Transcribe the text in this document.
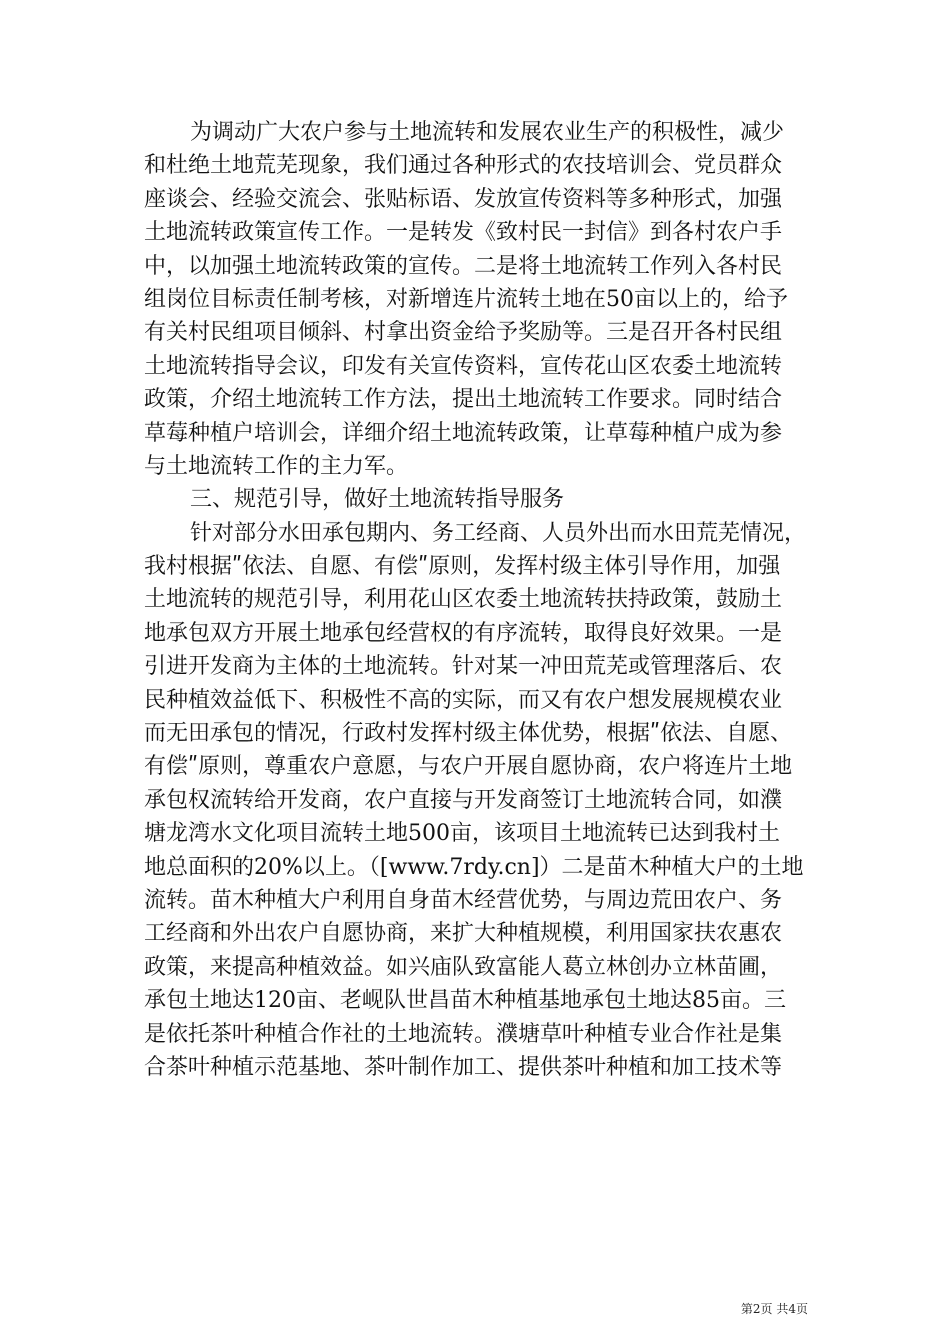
为调动广大农户参与土地流转和发展农业生产的积极性，减少
和杜绝土地荒芜现象，我们通过各种形式的农技培训会、党员群众
座谈会、经验交流会、张贴标语、发放宣传资料等多种形式，加强
土地流转政策宣传工作。一是转发《致村民一封信》到各村农户手
中，以加强土地流转政策的宣传。二是将土地流转工作列入各村民
组岗位目标责任制考核，对新增连片流转土地在50亩以上的，给予
有关村民组项目倾斜、村拿出资金给予奖励等。三是召开各村民组
土地流转指导会议，印发有关宣传资料，宣传花山区农委土地流转
政策，介绍土地流转工作方法，提出土地流转工作要求。同时结合
草莓种植户培训会，详细介绍土地流转政策，让草莓种植户成为参
与土地流转工作的主力军。
三、规范引导，做好土地流转指导服务
针对部分水田承包期内、务工经商、人员外出而水田荒芜情况，
我村根据ʺ依法、自愿、有偿ʺ原则，发挥村级主体引导作用，加强
土地流转的规范引导，利用花山区农委土地流转扶持政策，鼓励土
地承包双方开展土地承包经营权的有序流转，取得良好效果。一是
引进开发商为主体的土地流转。针对某一冲田荒芜或管理落后、农
民种植效益低下、积极性不高的实际，而又有农户想发展规模农业
而无田承包的情况，行政村发挥村级主体优势，根据ʺ依法、自愿、
有偿ʺ原则，尊重农户意愿，与农户开展自愿协商，农户将连片土地
承包权流转给开发商，农户直接与开发商签订土地流转合同，如濮
塘龙湾水文化项目流转土地500亩，该项目土地流转已达到我村土
地总面积的20%以上。（[www.7rdy.cn]）二是苗木种植大户的土地
流转。苗木种植大户利用自身苗木经营优势，与周边荒田农户、务
工经商和外出农户自愿协商，来扩大种植规模，利用国家扶农惠农
政策，来提高种植效益。如兴庙队致富能人葛立林创办立林苗圃，
承包土地达120亩、老岘队世昌苗木种植基地承包土地达85亩。三
是依托茶叶种植合作社的土地流转。濮塘草叶种植专业合作社是集
合茶叶种植示范基地、茶叶制作加工、提供茶叶种植和加工技术等
第2页 共4页
